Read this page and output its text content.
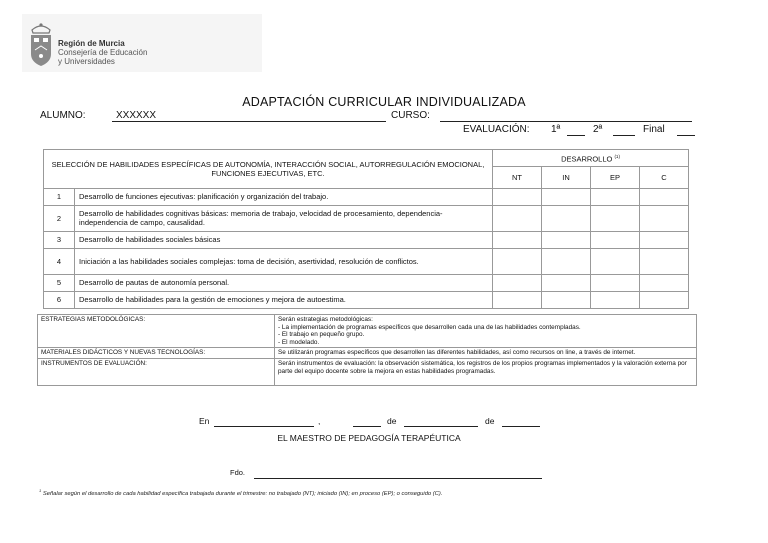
Región de Murcia
Consejería de Educación
y Universidades
ADAPTACIÓN CURRICULAR INDIVIDUALIZADA
ALUMNO:	XXXXXX	CURSO:
EVALUACIÓN: 1ª	2ª	Final
SELECCIÓN DE HABILIDADES ESPECÍFICAS DE AUTONOMÍA, INTERACCIÓN SOCIAL, AUTORREGULACIÓN EMOCIONAL, FUNCIONES EJECUTIVAS, ETC.		DESARROLLO $^{(1)}$
		NT	IN	EP	C
1	Desarrollo de funciones ejecutivas: planificación y organización del trabajo.				
2	Desarrollo de habilidades cognitivas básicas: memoria de trabajo, velocidad de procesamiento, dependencia- independencia de campo, causalidad.				
3	Desarrollo de habilidades sociales básicas				
4	Iniciación a las habilidades sociales complejas: toma de decisión, asertividad, resolución de conflictos.				
5	Desarrollo de pautas de autonomía personal.				
6	Desarrollo de habilidades para la gestión de emociones y mejora de autoestima.				
ESTRATEGIAS METODOLÓGICAS:	Serán estrategias metodológicas:
- La implementación de programas específicos que desarrollen cada una de las habilidades contempladas.
- El trabajo en pequeño grupo.
- El modelado.

MATERIALES DIDÁCTICOS Y NUEVAS TECNOLOGÍAS:	Se utilizarán programas específicos que desarrollen las diferentes habilidades, así como recursos on line, a través de internet.
INSTRUMENTOS DE EVALUACIÓN:	Serán instrumentos de evaluación: la observación sistemática, los registros de los propios programas implementados y la valoración externa por parte del equipo docente sobre la mejora en estas habilidades programadas.
En	,	de	de
EL MAESTRO DE PEDAGOGÍA TERAPÉUTICA
Fdo.
$^1$ Señalar según el desarrollo de cada habilidad específica trabajada durante el trimestre: no trabajado (NT); iniciado (IN); en proceso (EP); o conseguido (C).
